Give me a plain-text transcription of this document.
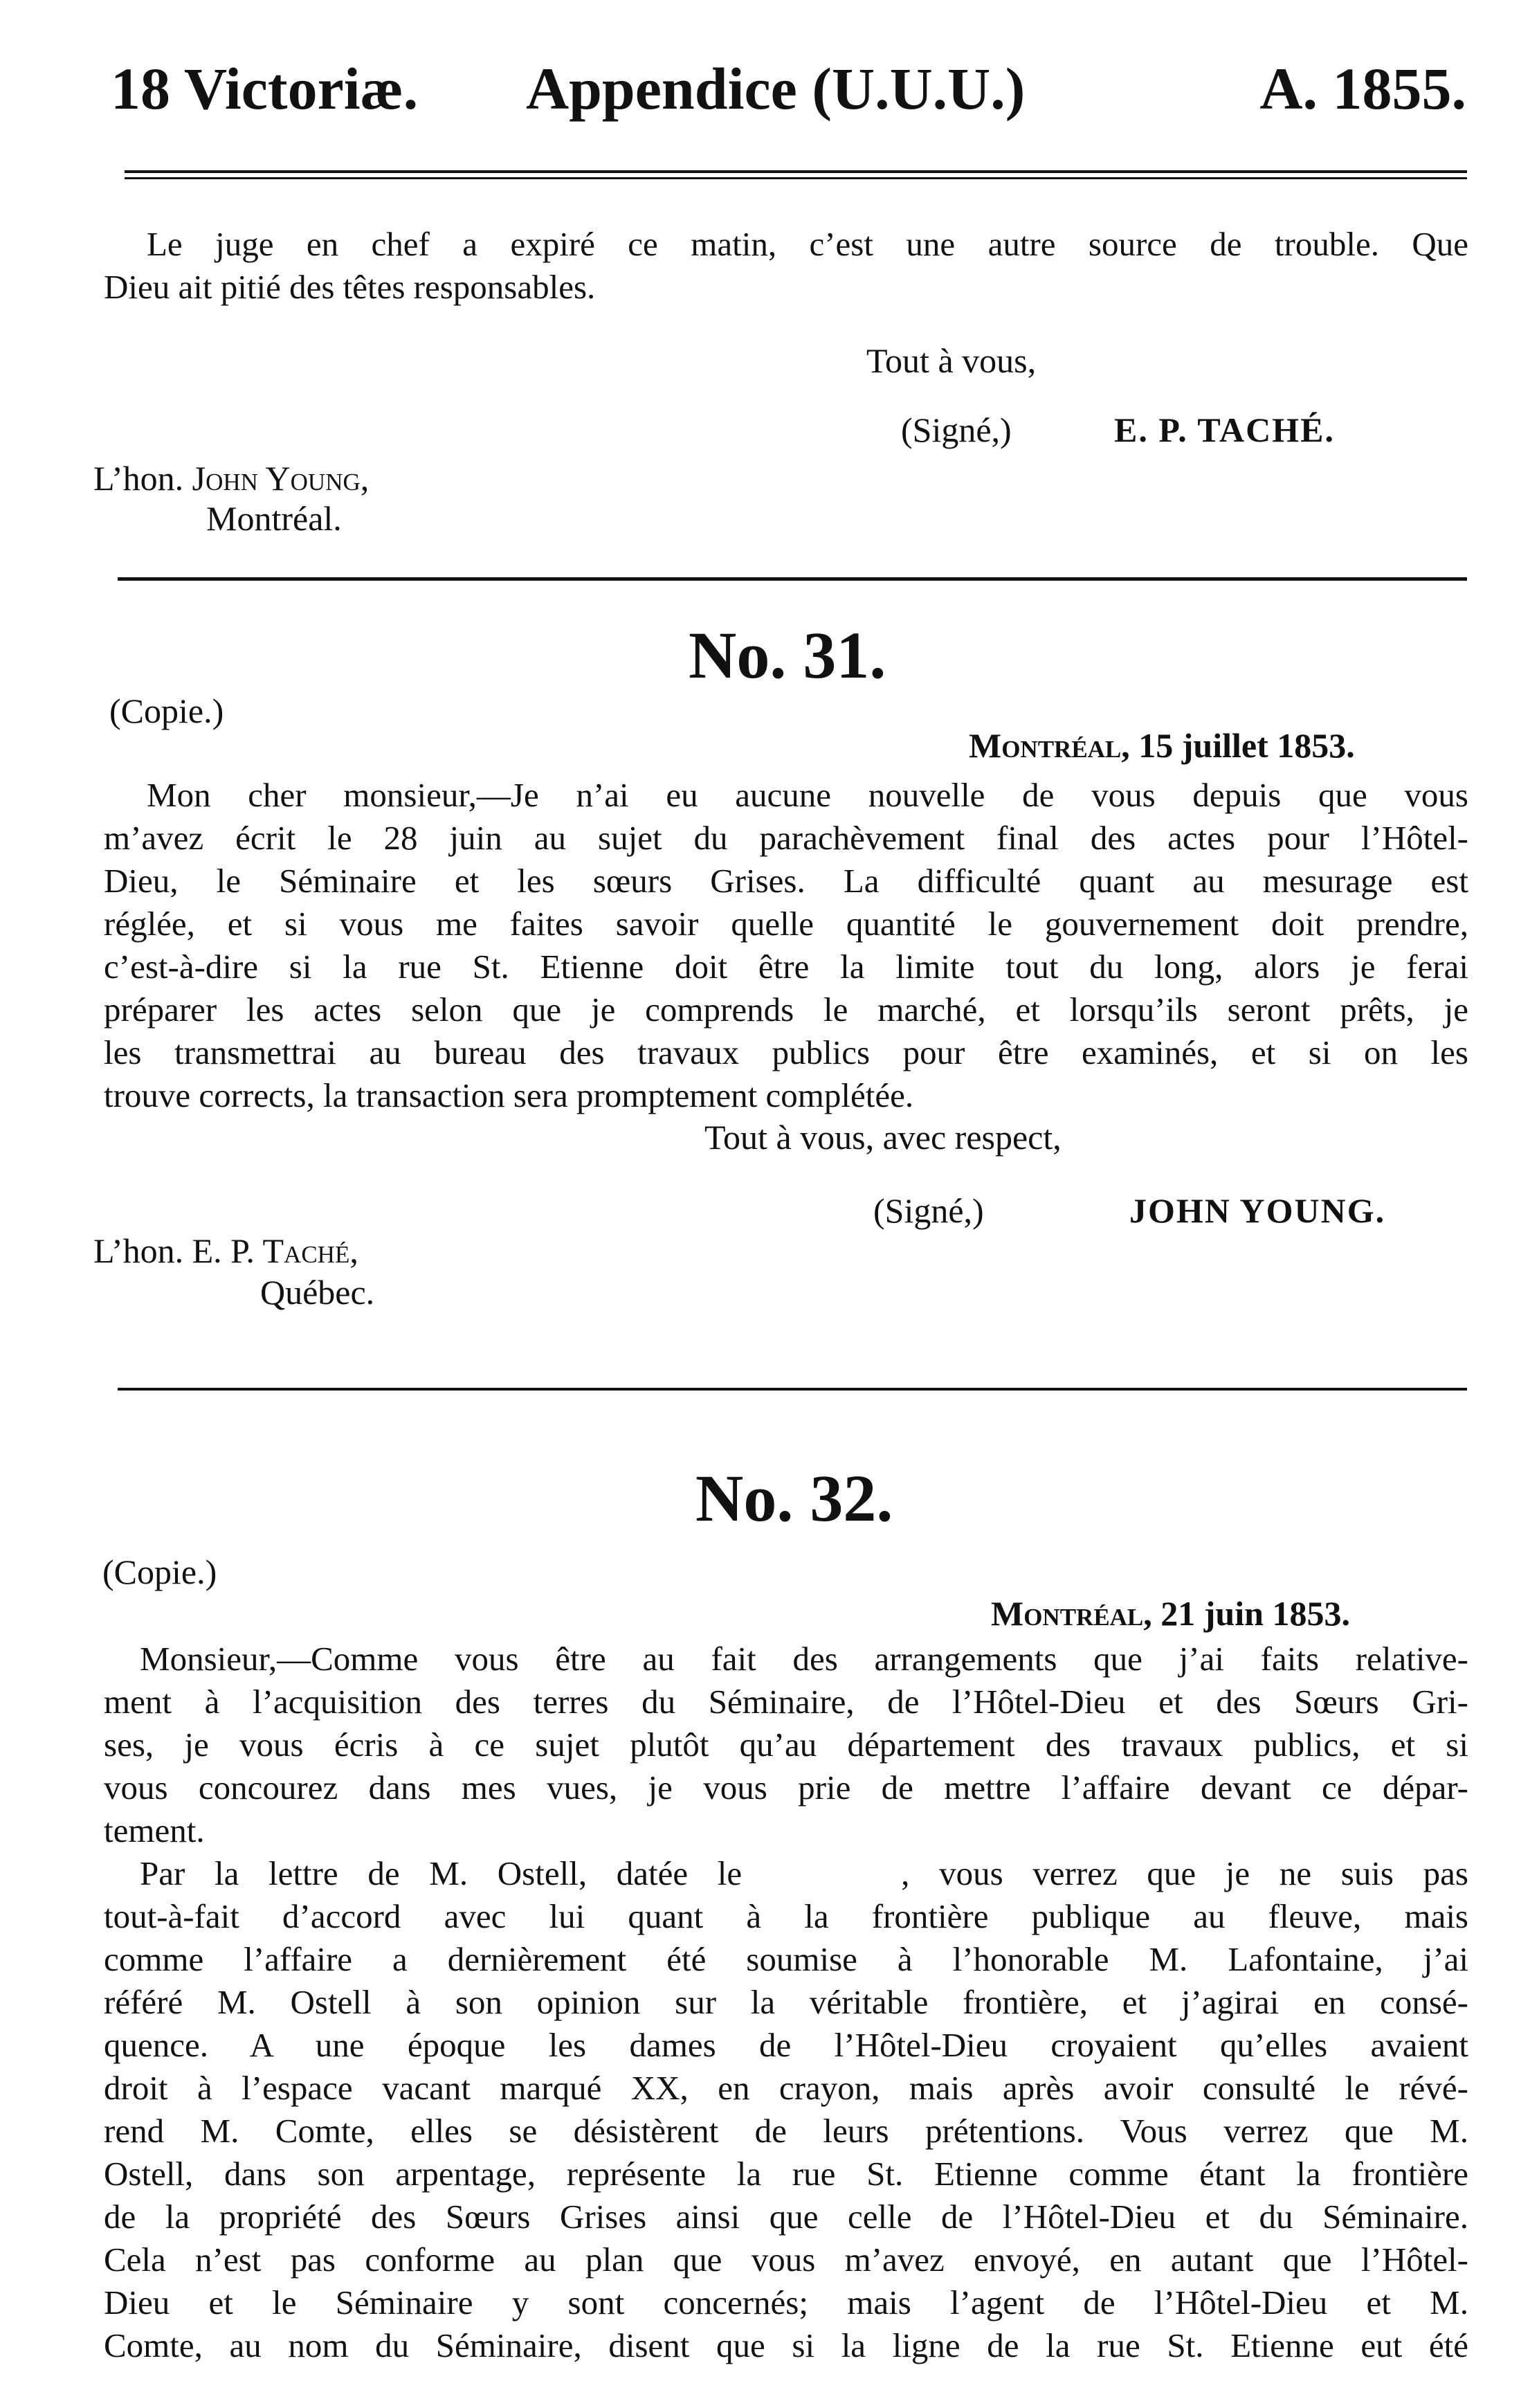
18 Victoriæ. Appendice (U.U.U.)	A. 1855.
Le juge en chef a expiré ce matin, c’est une autre source de trouble. Que
Dieu ait pitié des têtes responsables.
Tout à vous,
(Signé,)	E. P. TACHÉ.
L’hon. John Young,
Montréal.
No. 31.
(Copie.)
Montréal, 15 juillet 1853.
Mon cher monsieur,—Je n’ai eu aucune nouvelle de vous depuis que vous
m’avez écrit le 28 juin au sujet du parachèvement final des actes pour l’Hôtel-
Dieu, le Séminaire et les sœurs Grises. La difficulté quant au mesurage est
réglée, et si vous me faites savoir quelle quantité le gouvernement doit prendre,
c’est-à-dire si la rue St. Etienne doit être la limite tout du long, alors je ferai
préparer les actes selon que je comprends le marché, et lorsqu’ils seront prêts, je
les transmettrai au bureau des travaux publics pour être examinés, et si on les
trouve corrects, la transaction sera promptement complétée.
Tout à vous, avec respect,
(Signé,)	JOHN YOUNG.
L’hon. E. P. Taché,
Québec.
No. 32.
(Copie.)
Montréal, 21 juin 1853.
Monsieur,—Comme vous être au fait des arrangements que j’ai faits relative-
ment à l’acquisition des terres du Séminaire, de l’Hôtel-Dieu et des Sœurs Gri-
ses, je vous écris à ce sujet plutôt qu’au département des travaux publics, et si
vous concourez dans mes vues, je vous prie de mettre l’affaire devant ce dépar-
tement.
Par la lettre de M. Ostell, datée le	, vous verrez que je ne suis pas
tout-à-fait d’accord avec lui quant à la frontière publique au fleuve, mais
comme l’affaire a dernièrement été soumise à l’honorable M. Lafontaine, j’ai
référé M. Ostell à son opinion sur la véritable frontière, et j’agirai en consé-
quence. A une époque les dames de l’Hôtel-Dieu croyaient qu’elles avaient
droit à l’espace vacant marqué XX, en crayon, mais après avoir consulté le révé-
rend M. Comte, elles se désistèrent de leurs prétentions. Vous verrez que M.
Ostell, dans son arpentage, représente la rue St. Etienne comme étant la frontière
de la propriété des Sœurs Grises ainsi que celle de l’Hôtel-Dieu et du Séminaire.
Cela n’est pas conforme au plan que vous m’avez envoyé, en autant que l’Hôtel-
Dieu et le Séminaire y sont concernés; mais l’agent de l’Hôtel-Dieu et M.
Comte, au nom du Séminaire, disent que si la ligne de la rue St. Etienne eut été
